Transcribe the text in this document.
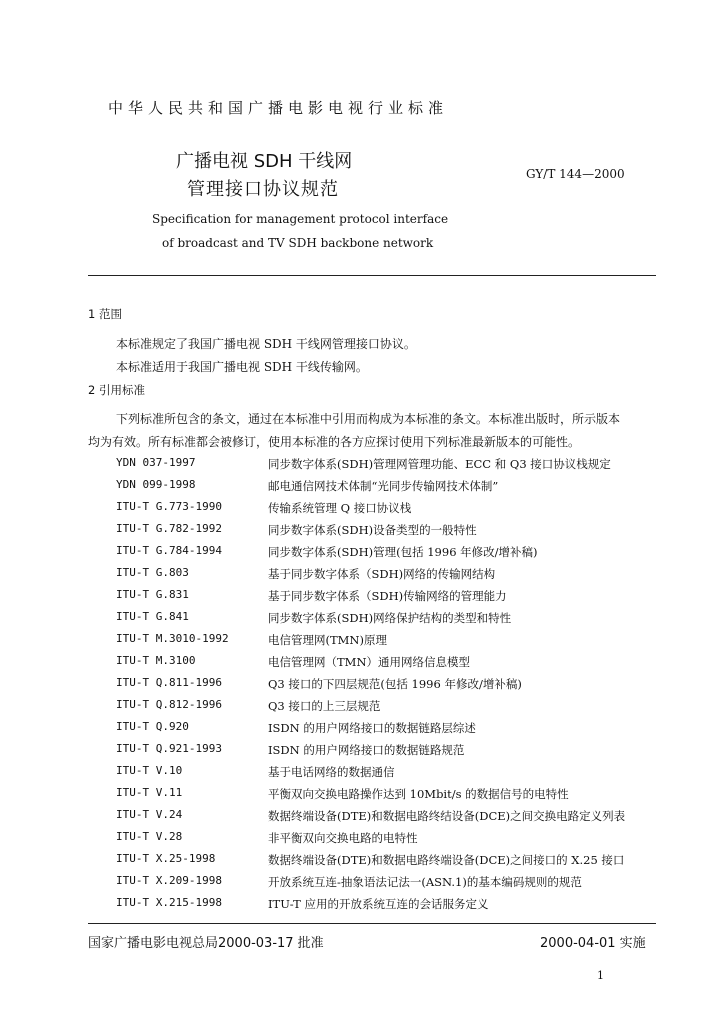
中华人民共和国广播电影电视行业标准
广播电视 SDH 干线网
管理接口协议规范
GY/T 144—2000
Specification for management protocol interface
of broadcast and TV SDH backbone network
1 范围
本标准规定了我国广播电视 SDH 干线网管理接口协议。
本标准适用于我国广播电视 SDH 干线传输网。
2 引用标准
下列标准所包含的条文，通过在本标准中引用而构成为本标准的条文。本标准出版时，所示版本
均为有效。所有标准都会被修订，使用本标准的各方应探讨使用下列标准最新版本的可能性。
YDN 037-1997	同步数字体系(SDH)管理网管理功能、ECC 和 Q3 接口协议栈规定
YDN 099-1998	邮电通信网技术体制“光同步传输网技术体制”
ITU-T G.773-1990	传输系统管理 Q 接口协议栈
ITU-T G.782-1992	同步数字体系(SDH)设备类型的一般特性
ITU-T G.784-1994	同步数字体系(SDH)管理(包括 1996 年修改/增补稿)
ITU-T G.803	基于同步数字体系（SDH)网络的传输网结构
ITU-T G.831	基于同步数字体系（SDH)传输网络的管理能力
ITU-T G.841	同步数字体系(SDH)网络保护结构的类型和特性
ITU-T M.3010-1992	电信管理网(TMN)原理
ITU-T M.3100	电信管理网（TMN）通用网络信息模型
ITU-T Q.811-1996	Q3 接口的下四层规范(包括 1996 年修改/增补稿)
ITU-T Q.812-1996	Q3 接口的上三层规范
ITU-T Q.920	ISDN 的用户网络接口的数据链路层综述
ITU-T Q.921-1993	ISDN 的用户网络接口的数据链路规范
ITU-T V.10	基于电话网络的数据通信
ITU-T V.11	平衡双向交换电路操作达到 10Mbit/s 的数据信号的电特性
ITU-T V.24	数据终端设备(DTE)和数据电路终结设备(DCE)之间交换电路定义列表
ITU-T V.28	非平衡双向交换电路的电特性
ITU-T X.25-1998	数据终端设备(DTE)和数据电路终端设备(DCE)之间接口的 X.25 接口
ITU-T X.209-1998	开放系统互连-抽象语法记法一(ASN.1)的基本编码规则的规范
ITU-T X.215-1998	ITU-T 应用的开放系统互连的会话服务定义
国家广播电影电视总局2000-03-17 批准	2000-04-01 实施
1
